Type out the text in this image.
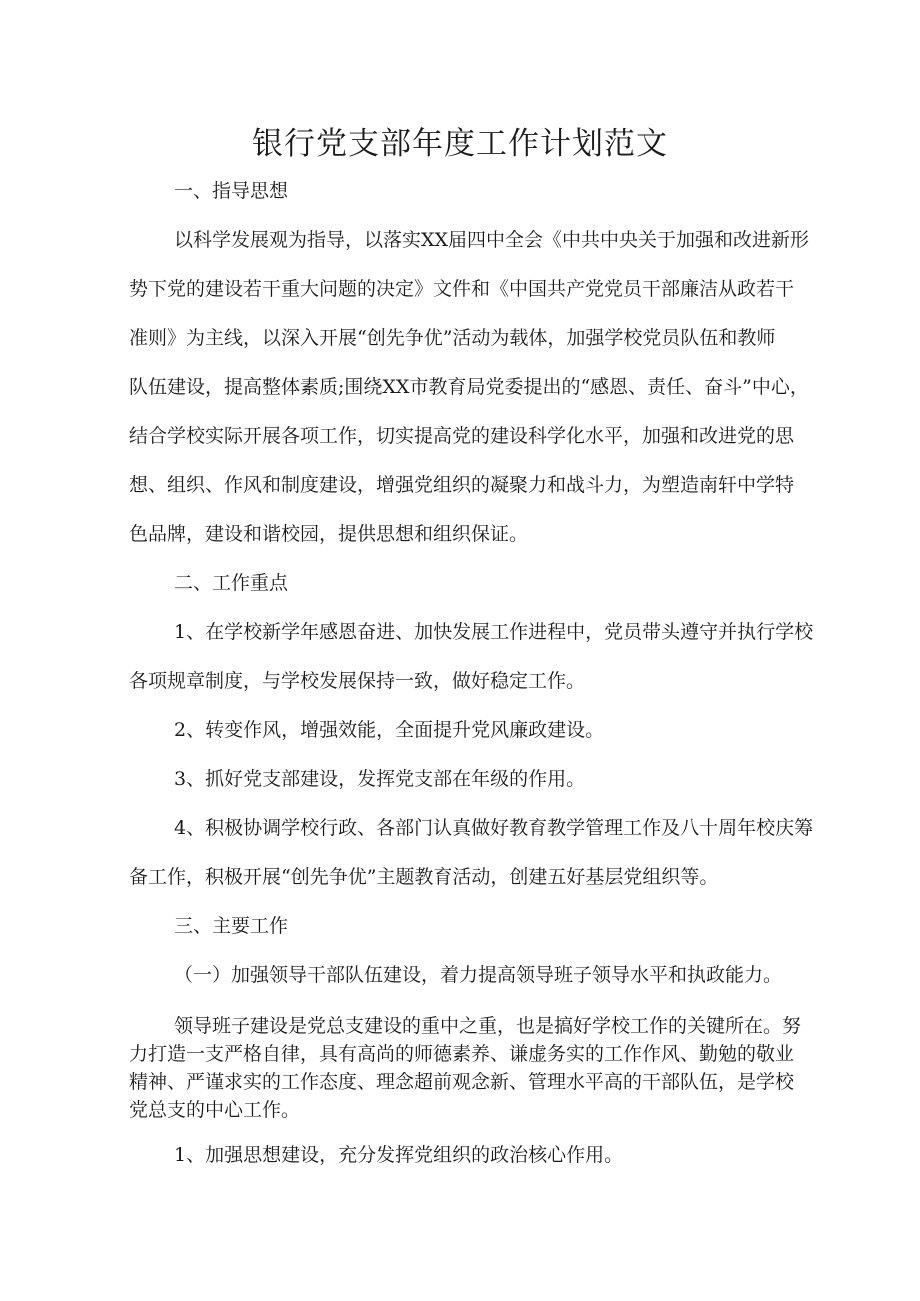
银行党支部年度工作计划范文

一、指导思想

以科学发展观为指导，以落实XX届四中全会《中共中央关于加强和改进新形

势下党的建设若干重大问题的决定》文件和《中国共产党党员干部廉洁从政若干

准则》为主线，以深入开展“创先争优”活动为载体，加强学校党员队伍和教师

队伍建设，提高整体素质;围绕XX市教育局党委提出的“感恩、责任、奋斗”中心，

结合学校实际开展各项工作，切实提高党的建设科学化水平，加强和改进党的思

想、组织、作风和制度建设，增强党组织的凝聚力和战斗力，为塑造南轩中学特

色品牌，建设和谐校园，提供思想和组织保证。

二、工作重点

1、在学校新学年感恩奋进、加快发展工作进程中，党员带头遵守并执行学校

各项规章制度，与学校发展保持一致，做好稳定工作。

2、转变作风，增强效能，全面提升党风廉政建设。

3、抓好党支部建设，发挥党支部在年级的作用。

4、积极协调学校行政、各部门认真做好教育教学管理工作及八十周年校庆筹

备工作，积极开展“创先争优”主题教育活动，创建五好基层党组织等。

三、主要工作

（一）加强领导干部队伍建设，着力提高领导班子领导水平和执政能力。

领导班子建设是党总支建设的重中之重，也是搞好学校工作的关键所在。努

力打造一支严格自律，具有高尚的师德素养、谦虚务实的工作作风、勤勉的敬业

精神、严谨求实的工作态度、理念超前观念新、管理水平高的干部队伍，是学校

党总支的中心工作。

1、加强思想建设，充分发挥党组织的政治核心作用。
